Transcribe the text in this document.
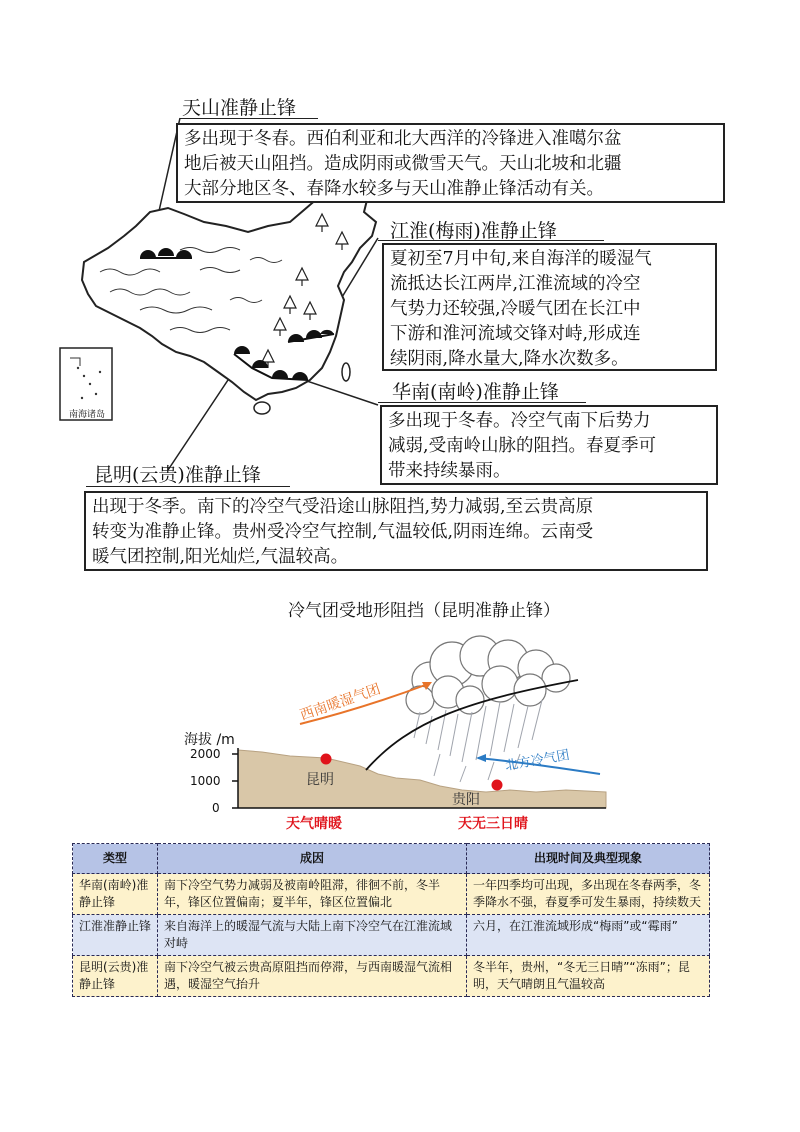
南海诸岛
天山准静止锋

多出现于冬春。西伯利亚和北大西洋的冷锋进入准噶尔盆

地后被天山阻挡。造成阴雨或微雪天气。天山北坡和北疆

大部分地区冬、春降水较多与天山准静止锋活动有关。

江淮(梅雨)准静止锋

夏初至7月中旬,来自海洋的暖湿气

流抵达长江两岸,江淮流域的冷空

气势力还较强,冷暖气团在长江中

下游和淮河流域交锋对峙,形成连

续阴雨,降水量大,降水次数多。

华南(南岭)准静止锋

多出现于冬春。冷空气南下后势力

减弱,受南岭山脉的阻挡。春夏季可

带来持续暴雨。

昆明(云贵)准静止锋

出现于冬季。南下的冷空气受沿途山脉阻挡,势力减弱,至云贵高原

转变为准静止锋。贵州受冷空气控制,气温较低,阴雨连绵。云南受

暖气团控制,阳光灿烂,气温较高。

冷气团受地形阻挡（昆明准静止锋）
西南暖湿气团
北方冷气团
海拔 /m
2000
1000
0
昆明
贵阳
天气晴暖	天无三日晴
类型	成因	出现时间及典型现象
华南(南岭)准静止锋	南下冷空气势力减弱及被南岭阻滞，徘徊不前，冬半年，锋区位置偏南；夏半年，锋区位置偏北	一年四季均可出现，多出现在冬春两季，冬季降水不强，春夏季可发生暴雨，持续数天
江淮准静止锋	来自海洋上的暖湿气流与大陆上南下冷空气在江淮流域对峙	六月，在江淮流域形成“梅雨”或“霉雨”
昆明(云贵)准静止锋	南下冷空气被云贵高原阻挡而停滞，与西南暖湿气流相遇，暖湿空气抬升	冬半年，贵州，“冬无三日晴”“冻雨”；昆明，天气晴朗且气温较高
